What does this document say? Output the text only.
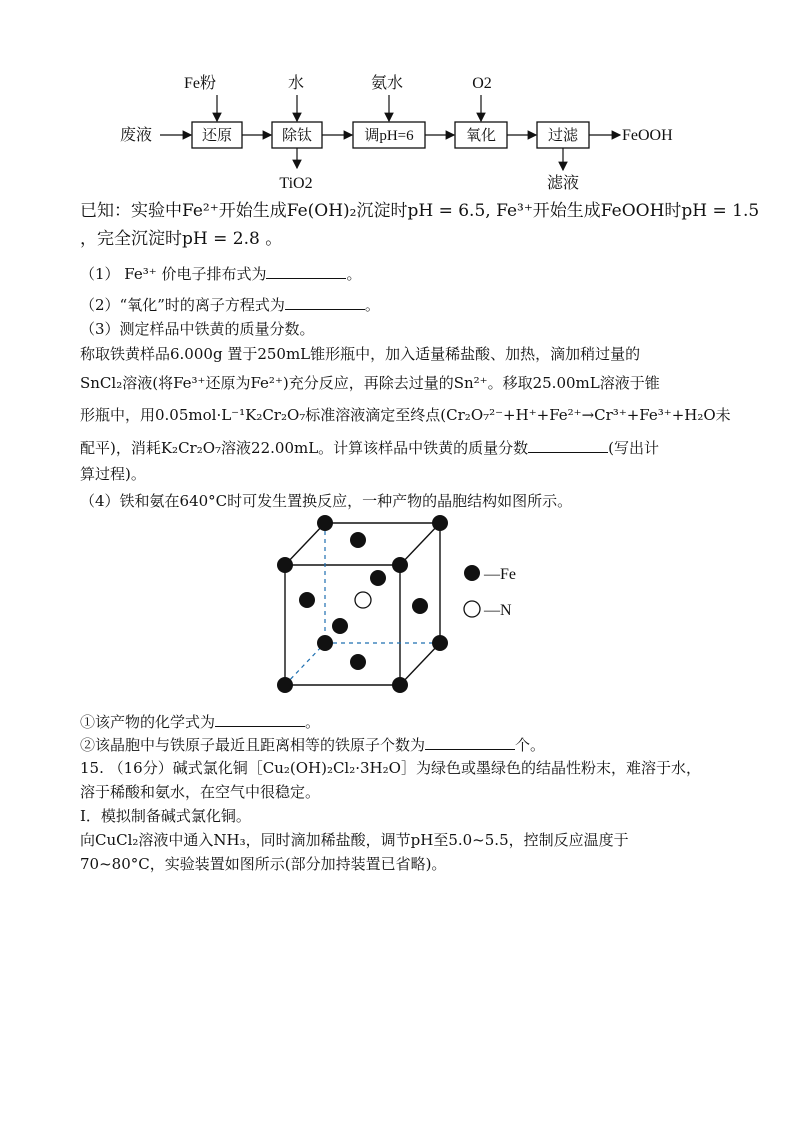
Fe粉	水	氨水	O2
废液	FeOOH
TiO2	滤液
还原	除钛	调pH=6	氧化	过滤
已知：实验中Fe²⁺开始生成Fe(OH)₂沉淀时pH = 6.5, Fe³⁺开始生成FeOOH时pH = 1.5
，完全沉淀时pH = 2.8 。
（1） Fe³⁺ 价电子排布式为	。
（2）“氧化”时的离子方程式为	。
（3）测定样品中铁黄的质量分数。
称取铁黄样品6.000g 置于250mL锥形瓶中，加入适量稀盐酸、加热，滴加稍过量的
SnCl₂溶液(将Fe³⁺还原为Fe²⁺)充分反应，再除去过量的Sn²⁺。移取25.00mL溶液于锥
形瓶中，用0.05mol·L⁻¹K₂Cr₂O₇标准溶液滴定至终点(Cr₂O₇²⁻+H⁺+Fe²⁺→Cr³⁺+Fe³⁺+H₂O未
配平)，消耗K₂Cr₂O₇溶液22.00mL。计算该样品中铁黄的质量分数	(写出计
算过程)。
（4）铁和氨在640°C时可发生置换反应，一种产物的晶胞结构如图所示。
—Fe
—N
①该产物的化学式为	。
②该晶胞中与铁原子最近且距离相等的铁原子个数为	个。
15. （16分）碱式氯化铜［Cu₂(OH)₂Cl₂·3H₂O］为绿色或墨绿色的结晶性粉末，难溶于水，
溶于稀酸和氨水，在空气中很稳定。
Ⅰ．模拟制备碱式氯化铜。
向CuCl₂溶液中通入NH₃，同时滴加稀盐酸，调节pH至5.0~5.5，控制反应温度于
70~80°C，实验装置如图所示(部分加持装置已省略)。
